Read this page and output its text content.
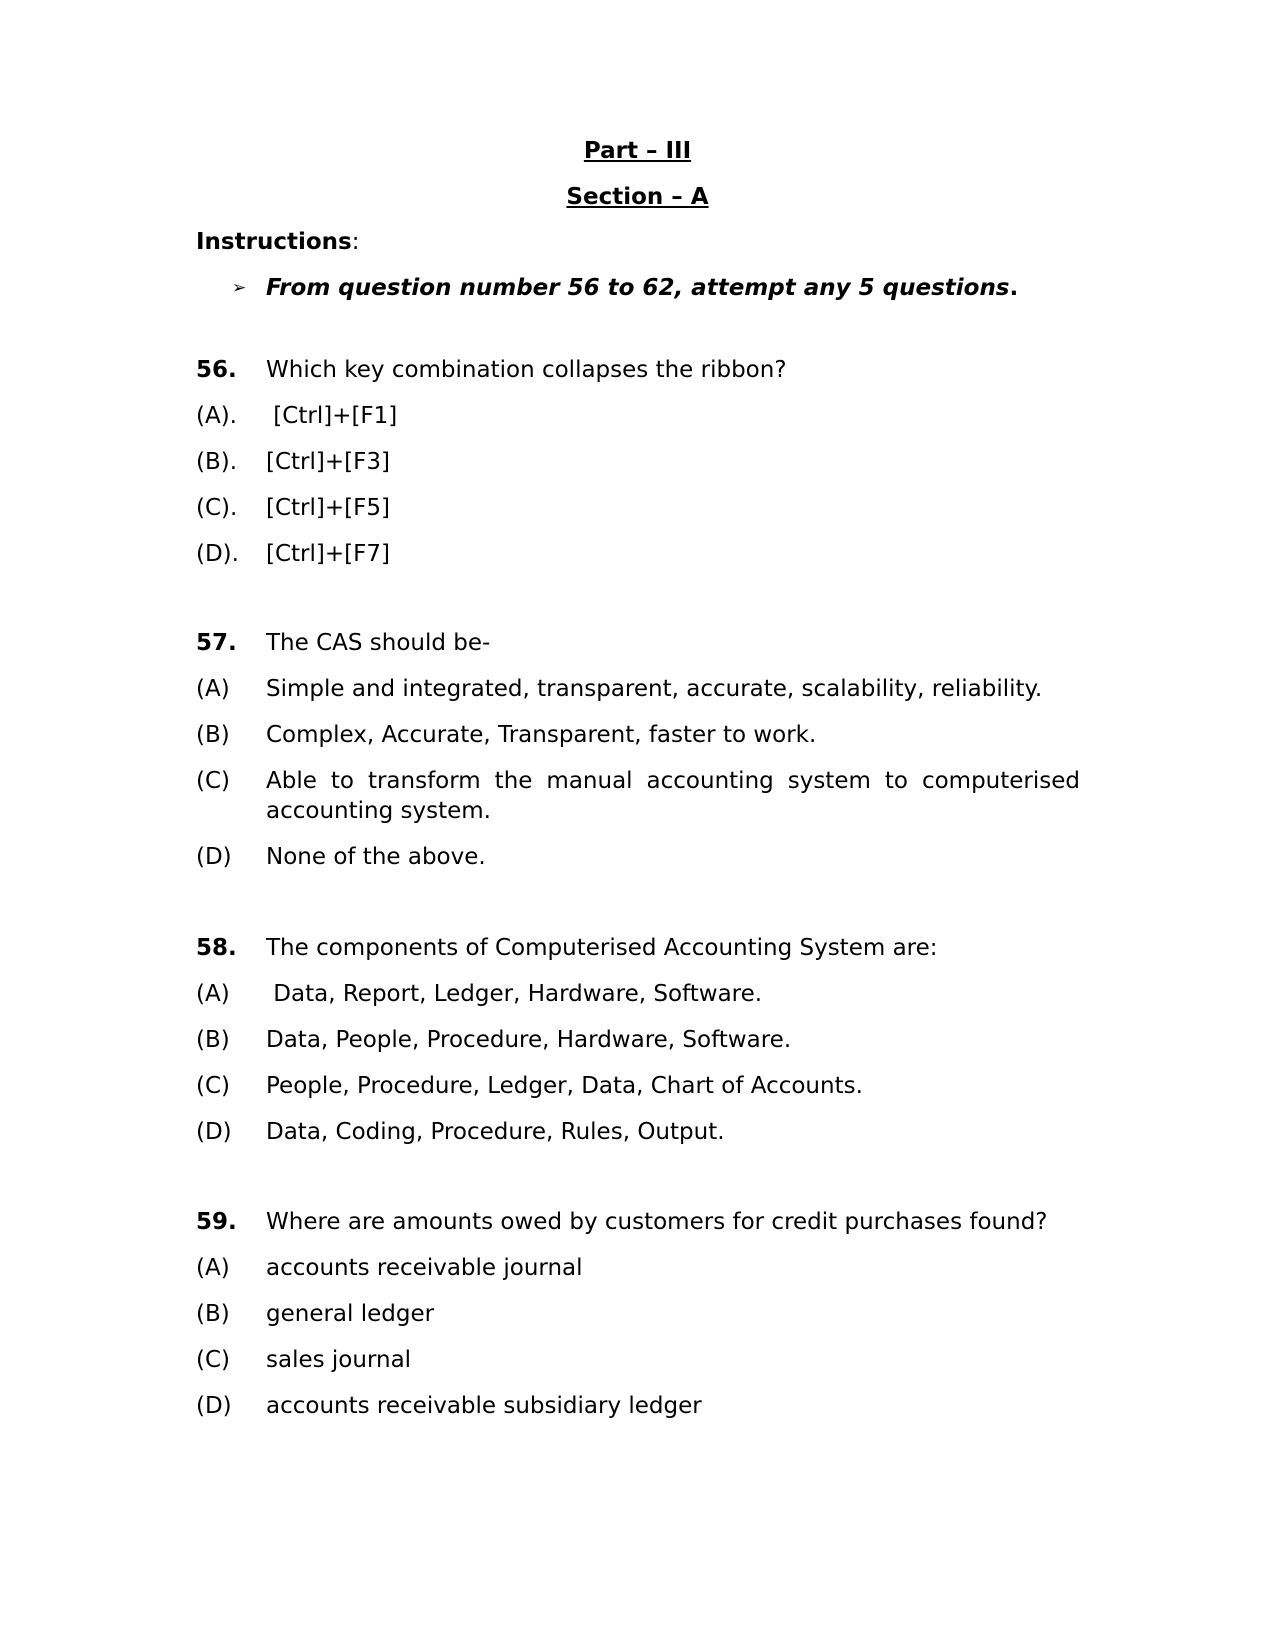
Part – III
Section – A
Instructions:
➢ From question number 56 to 62, attempt any 5 questions.
56.	Which key combination collapses the ribbon?
(A).	[Ctrl]+[F1]
(B).	[Ctrl]+[F3]
(C).	[Ctrl]+[F5]
(D).	[Ctrl]+[F7]
57.	The CAS should be-
(A)	Simple and integrated, transparent, accurate, scalability, reliability.
(B)	Complex, Accurate, Transparent, faster to work.
(C)	Able to transform the manual accounting system to computerised accounting system.
(D)	None of the above.
58.	The components of Computerised Accounting System are:
(A)	Data, Report, Ledger, Hardware, Software.
(B)	Data, People, Procedure, Hardware, Software.
(C)	People, Procedure, Ledger, Data, Chart of Accounts.
(D)	Data, Coding, Procedure, Rules, Output.
59.	Where are amounts owed by customers for credit purchases found?
(A)	accounts receivable journal
(B)	general ledger
(C)	sales journal
(D)	accounts receivable subsidiary ledger
